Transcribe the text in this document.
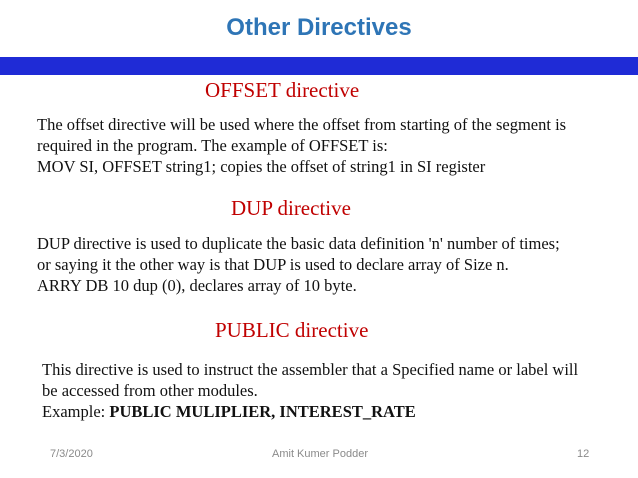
Other Directives
OFFSET directive

The offset directive will be used where the offset from starting of the segment is

required in the program. The example of OFFSET is:

MOV SI, OFFSET string1; copies the offset of string1 in SI register

DUP directive

DUP directive is used to duplicate the basic data definition 'n' number of times;

or saying it the other way is that DUP is used to declare array of Size n.

ARRY DB 10 dup (0), declares array of 10 byte.

PUBLIC directive

This directive is used to instruct the assembler that a Specified name or label will

be accessed from other modules.

Example: PUBLIC MULIPLIER, INTEREST_RATE

7/3/2020	Amit Kumer Podder	12
